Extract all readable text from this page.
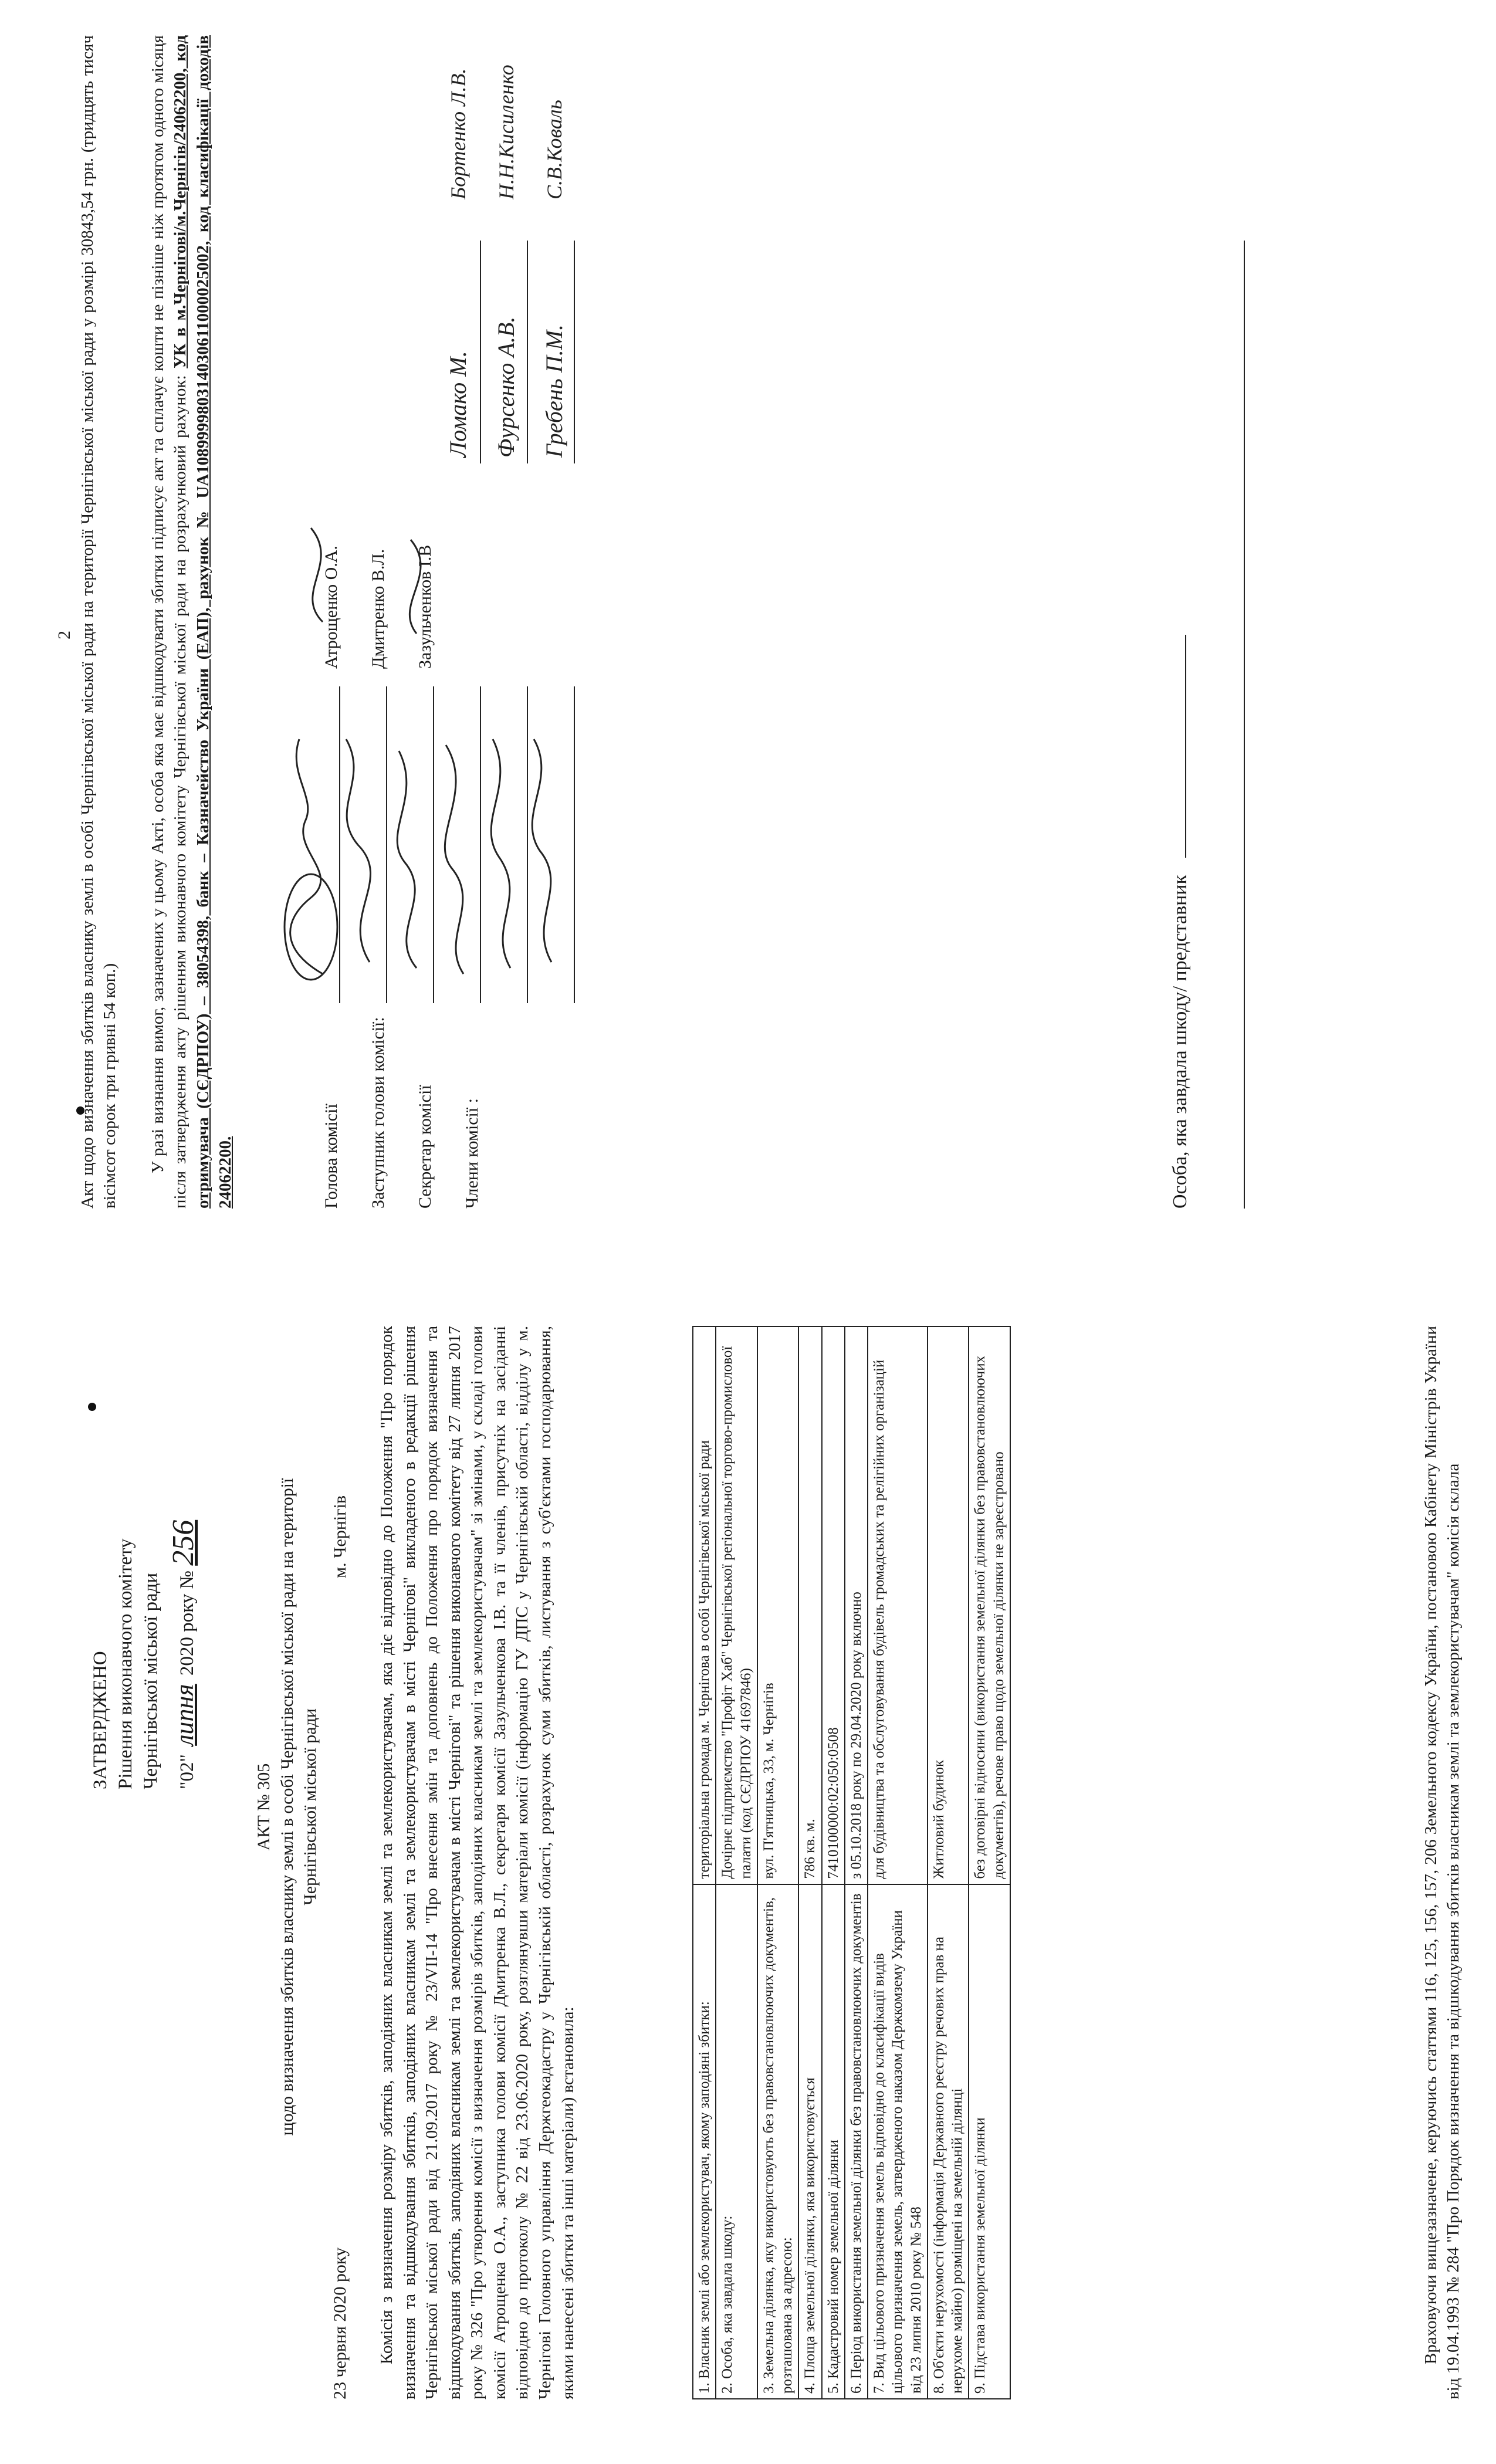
ЗАТВЕРДЖЕНО Рішення виконавчого комітету Чернігівської міської ради "02" липня 2020 року № 256
АКТ № 305 щодо визначення збитків власнику землі в особі Чернігівської міської ради на території Чернігівської міської ради
23 червня 2020 року
м. Чернігів Комісія з визначення розміру збитків, заподіяних власникам землі та землекористувачам, яка діє відповідно до Положення "Про порядок визначення та відшкодування збитків, заподіяних власникам землі та землекористувачам в місті Чернігові" викладеного в редакції рішення Чернігівської міської ради від 21.09.2017 року № 23/VII-14 "Про внесення змін та доповнень до Положення про порядок визначення та відшкодування збитків, заподіяних власникам землі та землекористувачам в місті Чернігові" та рішення виконавчого комітету від 27 липня 2017 року № 326 "Про утворення комісії з визначення розмірів збитків, заподіяних власникам землі та землекористувачам" зі змінами, у складі голови комісії Атрощенка О.А., заступника голови комісії Дмитренка В.Л., секретаря комісії Зазульченкова І.В. та її членів, присутніх на засіданні відповідно до протоколу № 22 від 23.06.2020 року, розглянувши матеріали комісії (інформацію ГУ ДПС у Чернігівській області, відділу у м. Чернігові Головного управління Держгеокадастру у Чернігівській області, розрахунок суми збитків, листування з суб'єктами господарювання, якими нанесені збитки та інші матеріали) встановила:	1. Власник землі або землекористувач, якому заподіяні збитки:	територіальна громада м. Чернігова в особі Чернігівської міської ради
2. Особа, яка завдала шкоду:	Дочірнє підприємство "Профіт Хаб" Чернігівської регіональної торгово-промислової палати (код СЄДРПОУ 41697846)
3. Земельна ділянка, яку використовують без правовстановлюючих документів, розташована за адресою:	вул. П'ятницька, 33, м. Чернігів
4. Площа земельної ділянки, яка використовується	786 кв. м.
5. Кадастровий номер земельної ділянки	7410100000:02:050:0508
6. Період використання земельної ділянки без правовстановлюючих документів	з 05.10.2018 року по 29.04.2020 року включно
7. Вид цільового призначення земель відповідно до класифікації видів цільового призначення земель, затвердженого наказом Держкомзему України від 23 липня 2010 року № 548	для будівництва та обслуговування будівель громадських та релігійних організацій
8. Об'єкти нерухомості (інформація Державного реєстру речових прав на нерухоме майно) розміщені на земельній ділянці	Житловий будинок
9. Підстава використання земельної ділянки	без договірні відносини (використання земельної ділянки без правовстановлюючих документів), речове право щодо земельної ділянки не зареєстровано	Враховуючи вищезазначене, керуючись статтями 116, 125, 156, 157, 206 Земельного кодексу України, постановою Кабінету Міністрів України від 19.04.1993 № 284 "Про Порядок визначення та відшкодування збитків власникам землі та землекористувачам" комісія склала
2 Акт щодо визначення збитків власнику землі в особі Чернігівської міської ради на території Чернігівської міської ради у розмірі 30843,54 грн. (тридцять тисяч вісімсот сорок три гривні 54 коп.) У разі визнання вимог, зазначених у цьому Акті, особа яка має відшкодувати збитки підписує акт та сплачує кошти не пізніше ніж протягом одного місяця після затвердження акту рішенням виконавчого комітету Чернігівської міської ради на розрахунковий рахунок: УК в м.Чернігові/м.Чернігів/24062200, код отримувача (СЄДРПОУ) – 38054398, банк – Казначейство України (ЕАП), рахунок № UA108999980314030611000025002, код класифікації доходів 24062200.	Голова комісії
Атрощенко О.А.
Заступник голови комісії:
Дмитренко В.Л.
Секретар комісії
Зазульченков І.В
Члени комісії :
Ломако М. Фурсенко А.В. Гребень П.М.
Бортенко Л.В.	Н.Н.Кисиленко	С.В.Коваль
Особа, яка завдала шкоду/ представник
